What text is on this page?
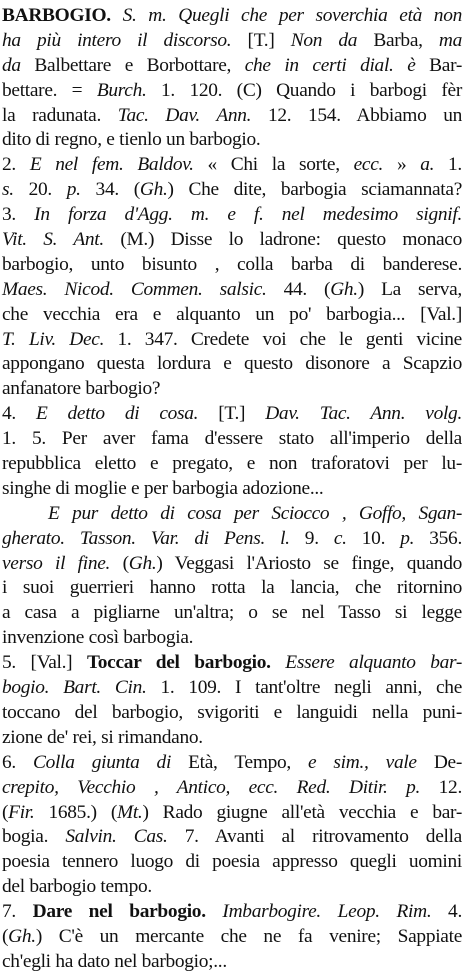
BARBOGIO. S. m. Quegli che per soverchia età non
ha più intero il discorso. [T.] Non da Barba, ma
da Balbettare e Borbottare, che in certi dial. è Bar-
bettare. = Burch. 1. 120. (C) Quando i barbogi fèr
la radunata. Tac. Dav. Ann. 12. 154. Abbiamo un
dito di regno, e tienlo un barbogio.
2. E nel fem. Baldov. « Chi la sorte, ecc. » a. 1.
s. 20. p. 34. (Gh.) Che dite, barbogia sciamannata?
3. In forza d'Agg. m. e f. nel medesimo signif.
Vit. S. Ant. (M.) Disse lo ladrone: questo monaco
barbogio, unto bisunto , colla barba di banderese.
Maes. Nicod. Commen. salsic. 44. (Gh.) La serva,
che vecchia era e alquanto un po' barbogia... [Val.]
T. Liv. Dec. 1. 347. Credete voi che le genti vicine
appongano questa lordura e questo disonore a Scapzio
anfanatore barbogio?
4. E detto di cosa. [T.] Dav. Tac. Ann. volg.
1. 5. Per aver fama d'essere stato all'imperio della
repubblica eletto e pregato, e non traforatovi per lu-
singhe di moglie e per barbogia adozione...
E pur detto di cosa per Sciocco , Goffo, Sgan-
gherato. Tasson. Var. di Pens. l. 9. c. 10. p. 356.
verso il fine. (Gh.) Veggasi l'Ariosto se finge, quando
i suoi guerrieri hanno rotta la lancia, che ritornino
a casa a pigliarne un'altra; o se nel Tasso si legge
invenzione così barbogia.
5. [Val.] Toccar del barbogio. Essere alquanto bar-
bogio. Bart. Cin. 1. 109. I tant'oltre negli anni, che
toccano del barbogio, svigoriti e languidi nella puni-
zione de' rei, si rimandano.
6. Colla giunta di Età, Tempo, e sim., vale De-
crepito, Vecchio , Antico, ecc. Red. Ditir. p. 12.
(Fir. 1685.) (Mt.) Rado giugne all'età vecchia e bar-
bogia. Salvin. Cas. 7. Avanti al ritrovamento della
poesia tennero luogo di poesia appresso quegli uomini
del barbogio tempo.
7. Dare nel barbogio. Imbarbogire. Leop. Rim. 4.
(Gh.) C'è un mercante che ne fa venire; Sappiate
ch'egli ha dato nel barbogio;...
